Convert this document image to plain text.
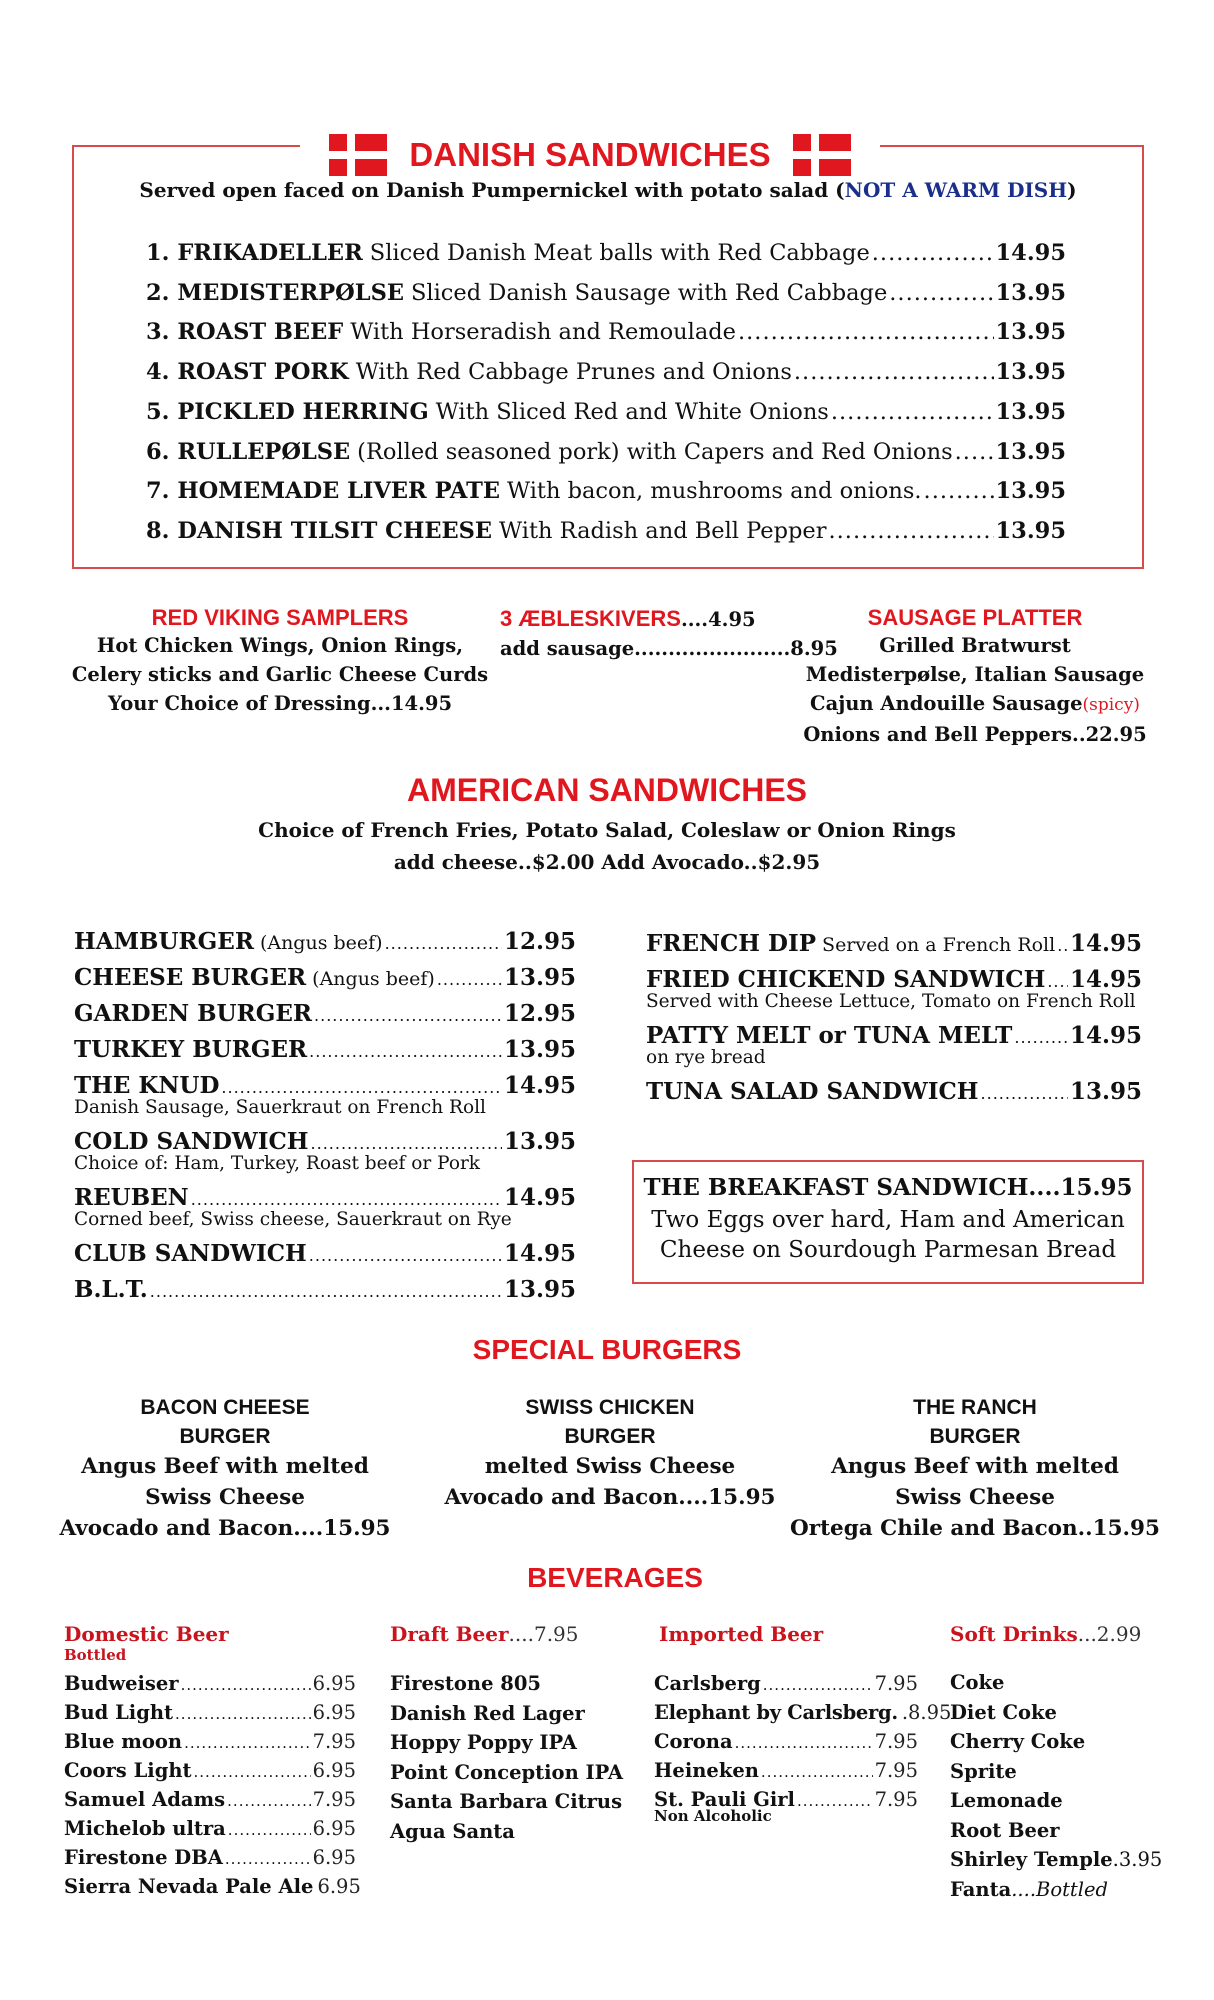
DANISH SANDWICHES
Served open faced on Danish Pumpernickel with potato salad (NOT A WARM DISH)
1. FRIKADELLER Sliced Danish Meat balls with Red Cabbage .....	14.95
2. MEDISTERPØLSE Sliced Danish Sausage with Red Cabbage .....	13.95
3. ROAST BEEF With Horseradish and Remoulade .....	13.95
4. ROAST PORK With Red Cabbage Prunes and Onions .....	13.95
5. PICKLED HERRING With Sliced Red and White Onions .....	13.95
6. RULLEPØLSE (Rolled seasoned pork) with Capers and Red Onions ..... 13.95
7. HOMEMADE LIVER PATE With bacon, mushrooms and onions. .....	13.95
8. DANISH TILSIT CHEESE With Radish and Bell Pepper .....	13.95
RED VIKING SAMPLERS
Hot Chicken Wings, Onion Rings,
Celery sticks and Garlic Cheese Curds
Your Choice of Dressing...14.95
3 ÆBLESKIVERS....4.95
add sausage.......................8.95
SAUSAGE PLATTER
Grilled Bratwurst
Medisterpølse, Italian Sausage
Cajun Andouille Sausage(spicy)
Onions and Bell Peppers..22.95
AMERICAN SANDWICHES
Choice of French Fries, Potato Salad, Coleslaw or Onion Rings
add cheese..$2.00 Add Avocado..$2.95
HAMBURGER (Angus beef) .....	12.95
CHEESE BURGER (Angus beef) .....	13.95
GARDEN BURGER .....	12.95
TURKEY BURGER .....	13.95
THE KNUD .....	14.95
Danish Sausage, Sauerkraut on French Roll
COLD SANDWICH .....	13.95
Choice of: Ham, Turkey, Roast beef or Pork
REUBEN .....	14.95
Corned beef, Swiss cheese, Sauerkraut on Rye
CLUB SANDWICH .....	14.95
B.L.T. .....	13.95
FRENCH DIP Served on a French Roll ..... 14.95
FRIED CHICKEND SANDWICH ..... 14.95
Served with Cheese Lettuce, Tomato on French Roll
PATTY MELT or TUNA MELT .....	14.95
on rye bread
TUNA SALAD SANDWICH .....	13.95
THE BREAKFAST SANDWICH....15.95
Two Eggs over hard, Ham and American
Cheese on Sourdough Parmesan Bread
SPECIAL BURGERS
BACON CHEESE
BURGER
Angus Beef with melted
Swiss Cheese
Avocado and Bacon....15.95
SWISS CHICKEN
BURGER
melted Swiss Cheese
Avocado and Bacon....15.95
THE RANCH
BURGER
Angus Beef with melted
Swiss Cheese
Ortega Chile and Bacon..15.95
BEVERAGES
Domestic Beer
Bottled
Budweiser .....	6.95
Bud Light .....	6.95
Blue moon .....	7.95
Coors Light .....	6.95
Samuel Adams .....	7.95
Michelob ultra .....	6.95
Firestone DBA .....	6.95
Sierra Nevada Pale Ale 6.95
Draft Beer....7.95
Firestone 805
Danish Red Lager
Hoppy Poppy IPA
Point Conception IPA
Santa Barbara Citrus
Agua Santa
Imported Beer
Carlsberg .....	7.95
Elephant by Carlsberg. .8.95
Corona .....	7.95
Heineken .....	7.95
St. Pauli Girl .....	7.95
Non Alcoholic
Soft Drinks...2.99
Coke
Diet Coke
Cherry Coke
Sprite
Lemonade
Root Beer
Shirley Temple.3.95
Fanta....Bottled
